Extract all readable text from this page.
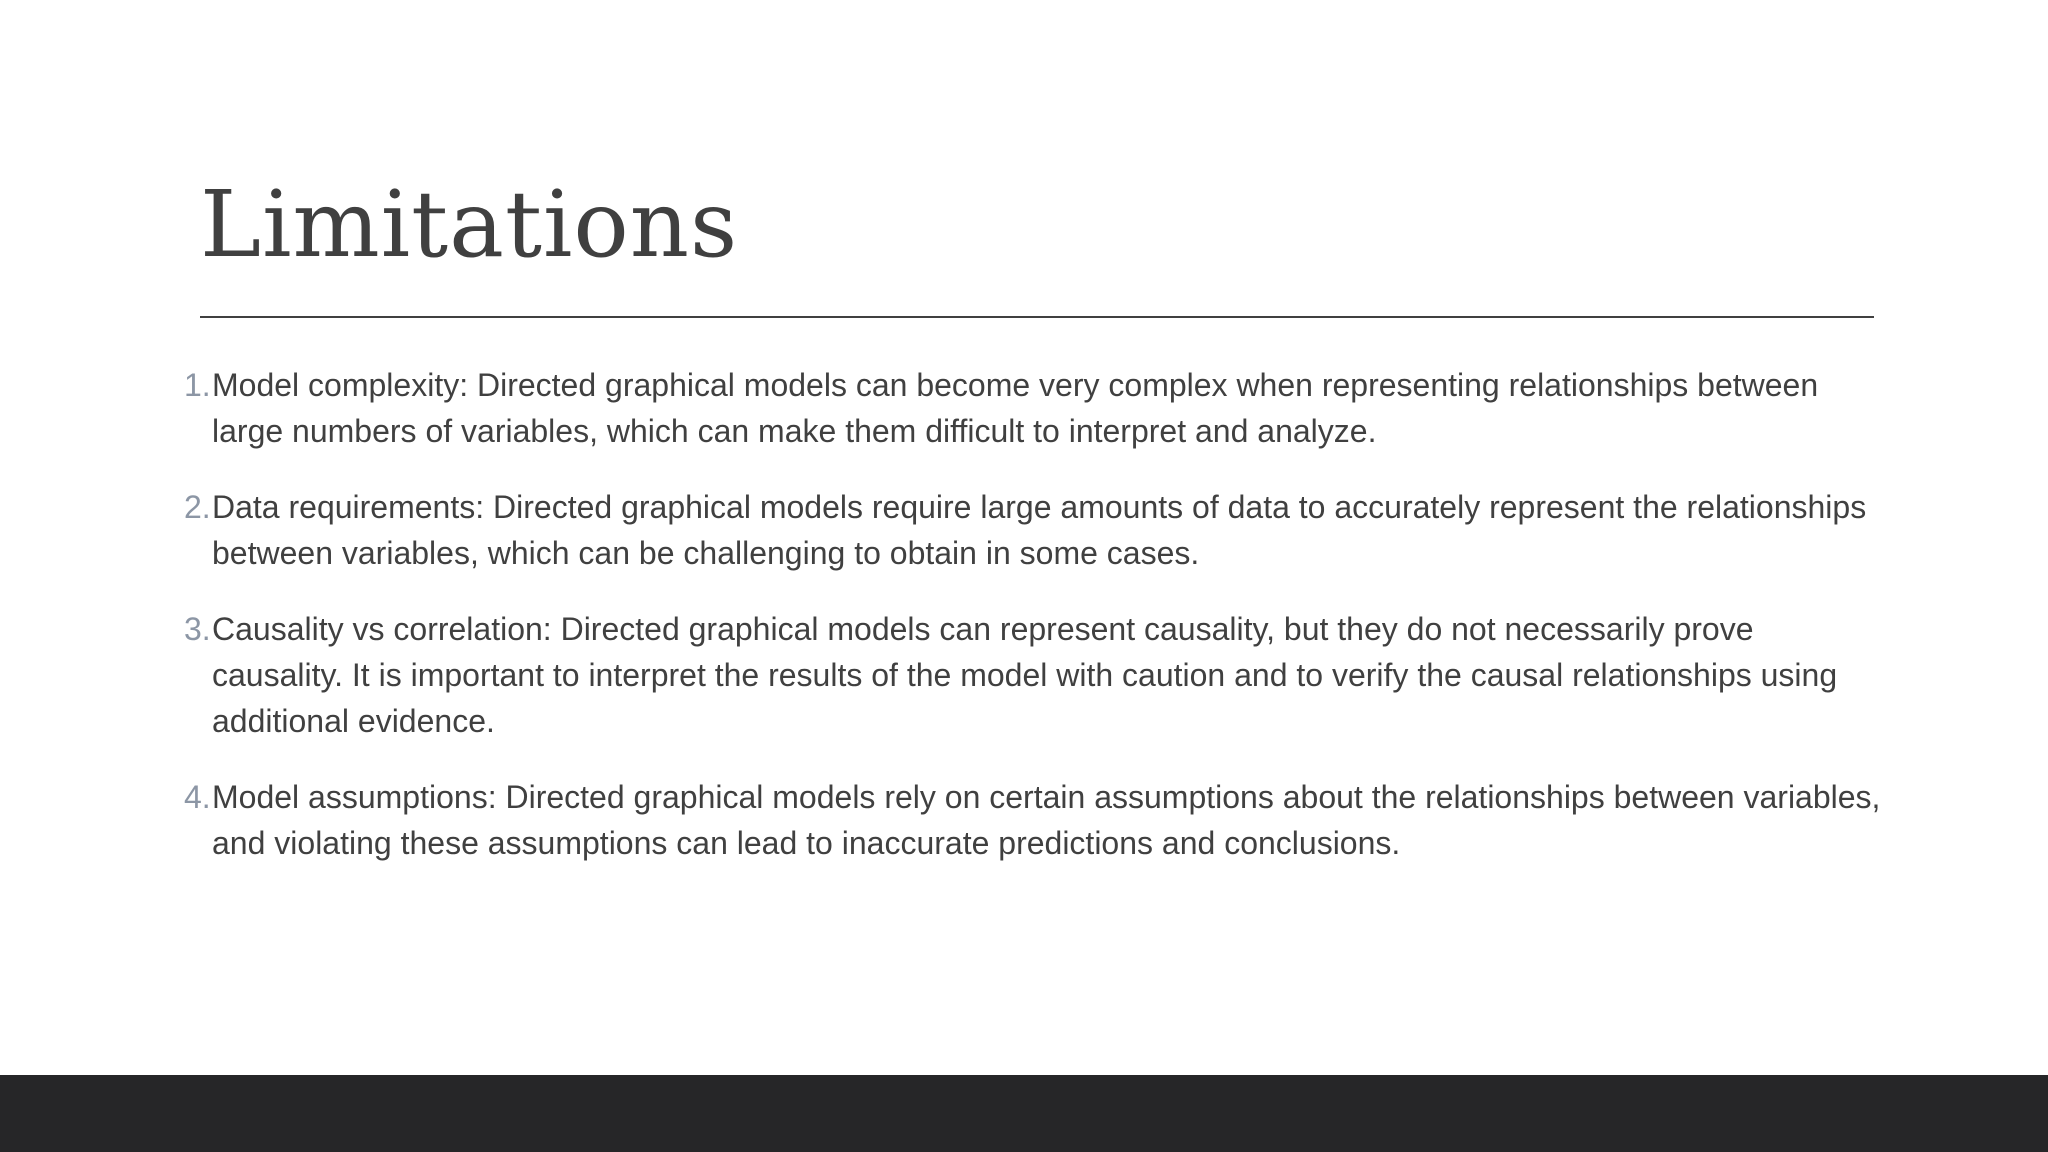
Limitations
1. Model complexity: Directed graphical models can become very complex when representing relationships between large numbers of variables, which can make them difficult to interpret and analyze.
2. Data requirements: Directed graphical models require large amounts of data to accurately represent the relationships between variables, which can be challenging to obtain in some cases.
3. Causality vs correlation: Directed graphical models can represent causality, but they do not necessarily prove causality. It is important to interpret the results of the model with caution and to verify the causal relationships using additional evidence.
4. Model assumptions: Directed graphical models rely on certain assumptions about the relationships between variables, and violating these assumptions can lead to inaccurate predictions and conclusions.
